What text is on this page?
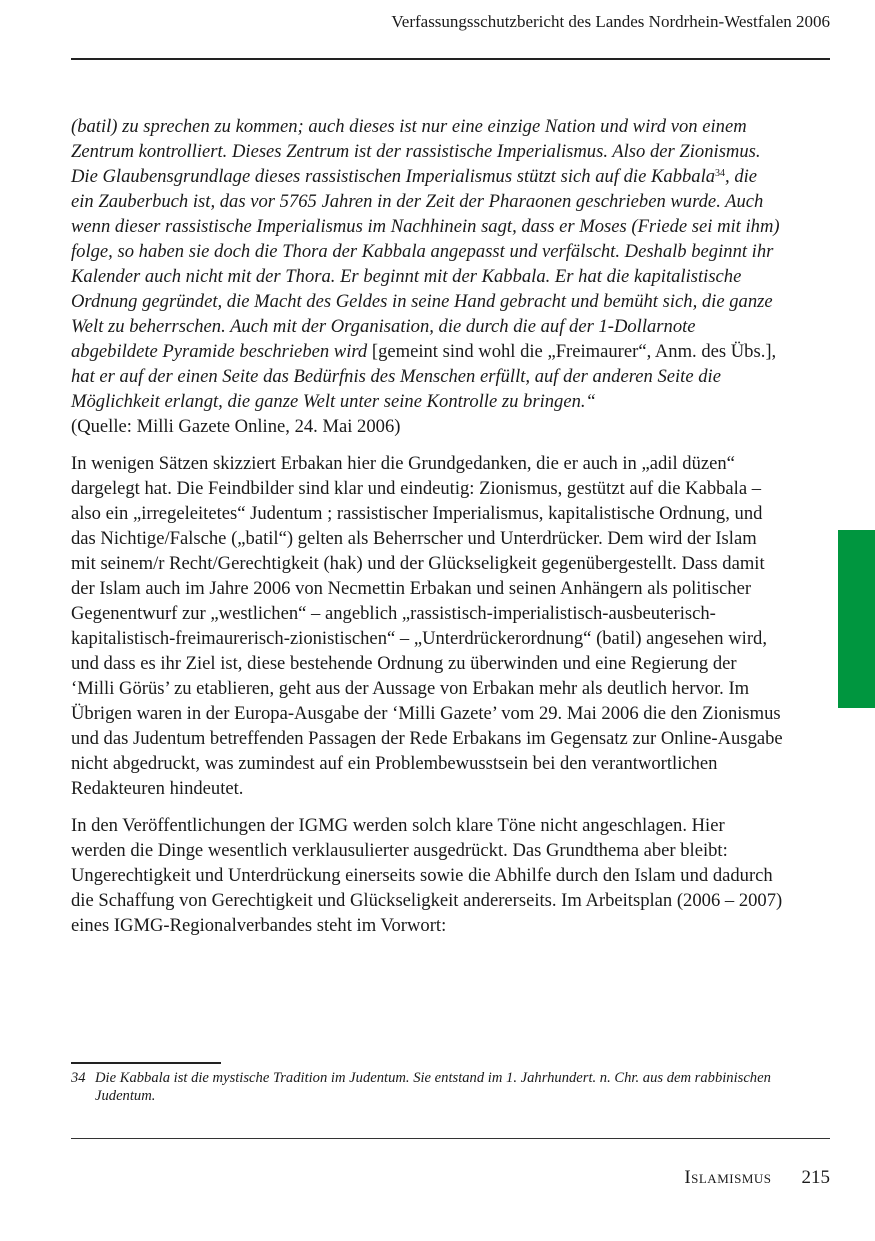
Verfassungsschutzbericht des Landes Nordrhein-Westfalen 2006

(batil) zu sprechen zu kommen; auch dieses ist nur eine einzige Nation und wird von einem Zentrum kontrolliert. Dieses Zentrum ist der rassistische Imperialismus. Also der Zionismus. Die Glaubensgrundlage dieses rassistischen Imperialismus stützt sich auf die Kabbala$^{34}$, die ein Zauberbuch ist, das vor 5765 Jahren in der Zeit der Pharaonen geschrieben wurde. Auch wenn dieser rassistische Imperialismus im Nachhinein sagt, dass er Moses (Friede sei mit ihm) folge, so haben sie doch die Thora der Kabbala angepasst und verfälscht. Deshalb beginnt ihr Kalender auch nicht mit der Thora. Er beginnt mit der Kabbala. Er hat die kapitalistische Ordnung gegründet, die Macht des Geldes in seine Hand gebracht und bemüht sich, die ganze Welt zu beherrschen. Auch mit der Organisation, die durch die auf der 1-Dollarnote abgebildete Pyramide beschrieben wird [gemeint sind wohl die „Freimaurer“, Anm. des Übs.], hat er auf der einen Seite das Bedürfnis des Menschen erfüllt, auf der anderen Seite die Möglichkeit erlangt, die ganze Welt unter seine Kontrolle zu bringen.“
(Quelle: Milli Gazete Online, 24. Mai 2006)

In wenigen Sätzen skizziert Erbakan hier die Grundgedanken, die er auch in „adil düzen“ dargelegt hat. Die Feindbilder sind klar und eindeutig: Zionismus, gestützt auf die Kabbala – also ein „irregeleitetes“ Judentum ; rassistischer Imperialismus, kapitalistische Ordnung, und das Nichtige/Falsche („batil“) gelten als Beherrscher und Unterdrücker. Dem wird der Islam mit seinem/r Recht/Gerechtigkeit (hak) und der Glückseligkeit gegenübergestellt. Dass damit der Islam auch im Jahre 2006 von Necmettin Erbakan und seinen Anhängern als politischer Gegenentwurf zur „westlichen“ – angeblich „rassistisch-imperialistisch-ausbeuterisch-kapitalistisch-freimaurerisch-zionistischen“ – „Unterdrückerordnung“ (batil) angesehen wird, und dass es ihr Ziel ist, diese bestehende Ordnung zu überwinden und eine Regierung der ‘Milli Görüs’ zu etablieren, geht aus der Aussage von Erbakan mehr als deutlich hervor. Im Übrigen waren in der Europa-Ausgabe der ‘Milli Gazete’ vom 29. Mai 2006 die den Zionismus und das Judentum betreffenden Passagen der Rede Erbakans im Gegensatz zur Online-Ausgabe nicht abgedruckt, was zumindest auf ein Problembewusstsein bei den verantwortlichen Redakteuren hindeutet.

In den Veröffentlichungen der IGMG werden solch klare Töne nicht angeschlagen. Hier werden die Dinge wesentlich verklausulierter ausgedrückt. Das Grundthema aber bleibt: Ungerechtigkeit und Unterdrückung einerseits sowie die Abhilfe durch den Islam und dadurch die Schaffung von Gerechtigkeit und Glückseligkeit andererseits. Im Arbeitsplan (2006 – 2007) eines IGMG-Regionalverbandes steht im Vorwort:

34 Die Kabbala ist die mystische Tradition im Judentum. Sie entstand im 1. Jahrhundert. n. Chr. aus dem rabbinischen Judentum.
Islamismus 215
